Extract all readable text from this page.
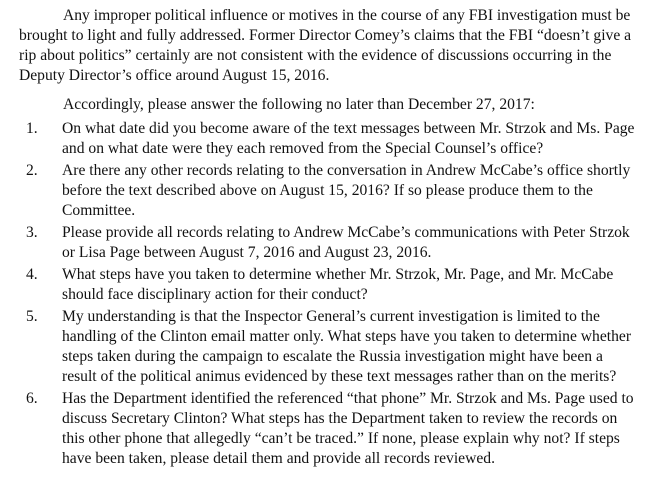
Any improper political influence or motives in the course of any FBI investigation must be brought to light and fully addressed. Former Director Comey’s claims that the FBI “doesn’t give a rip about politics” certainly are not consistent with the evidence of discussions occurring in the Deputy Director’s office around August 15, 2016.

Accordingly, please answer the following no later than December 27, 2017:

1. On what date did you become aware of the text messages between Mr. Strzok and Ms. Page and on what date were they each removed from the Special Counsel’s office?
2. Are there any other records relating to the conversation in Andrew McCabe’s office shortly before the text described above on August 15, 2016? If so please produce them to the Committee.
3. Please provide all records relating to Andrew McCabe’s communications with Peter Strzok or Lisa Page between August 7, 2016 and August 23, 2016.
4. What steps have you taken to determine whether Mr. Strzok, Mr. Page, and Mr. McCabe should face disciplinary action for their conduct?
5. My understanding is that the Inspector General’s current investigation is limited to the handling of the Clinton email matter only. What steps have you taken to determine whether steps taken during the campaign to escalate the Russia investigation might have been a result of the political animus evidenced by these text messages rather than on the merits?
6. Has the Department identified the referenced “that phone” Mr. Strzok and Ms. Page used to discuss Secretary Clinton? What steps has the Department taken to review the records on this other phone that allegedly “can’t be traced.” If none, please explain why not? If steps have been taken, please detail them and provide all records reviewed.
